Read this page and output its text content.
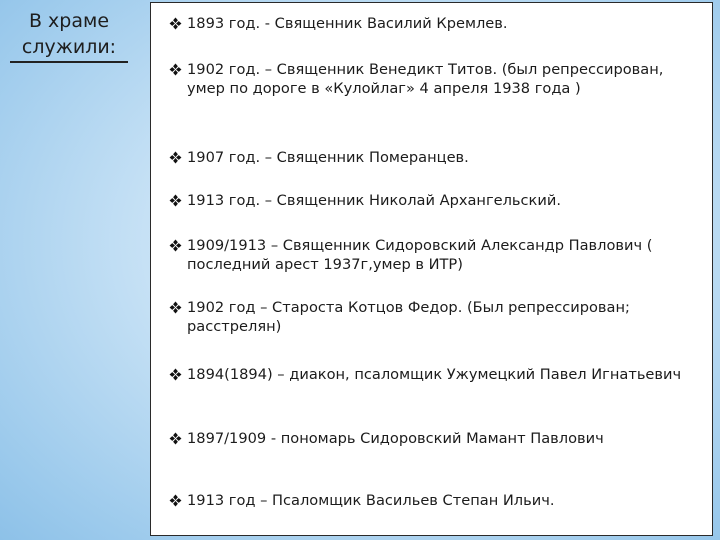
В храме
служили:
1893 год. - Священник Василий Кремлев.
1902 год. – Священник Венедикт Титов. (был репрессирован, умер по дороге в «Кулойлаг» 4 апреля 1938 года )
1907 год. – Священник Померанцев.
1913 год. – Священник Николай Архангельский.
1909/1913 – Священник Сидоровский Александр Павлович ( последний арест 1937г,умер в ИТР)
1902 год – Староста Котцов Федор. (Был репрессирован; расстрелян)
1894(1894) – диакон, псаломщик Ужумецкий Павел Игнатьевич
1897/1909 - пономарь Сидоровский Мамант Павлович
1913 год – Псаломщик Васильев Степан Ильич.
